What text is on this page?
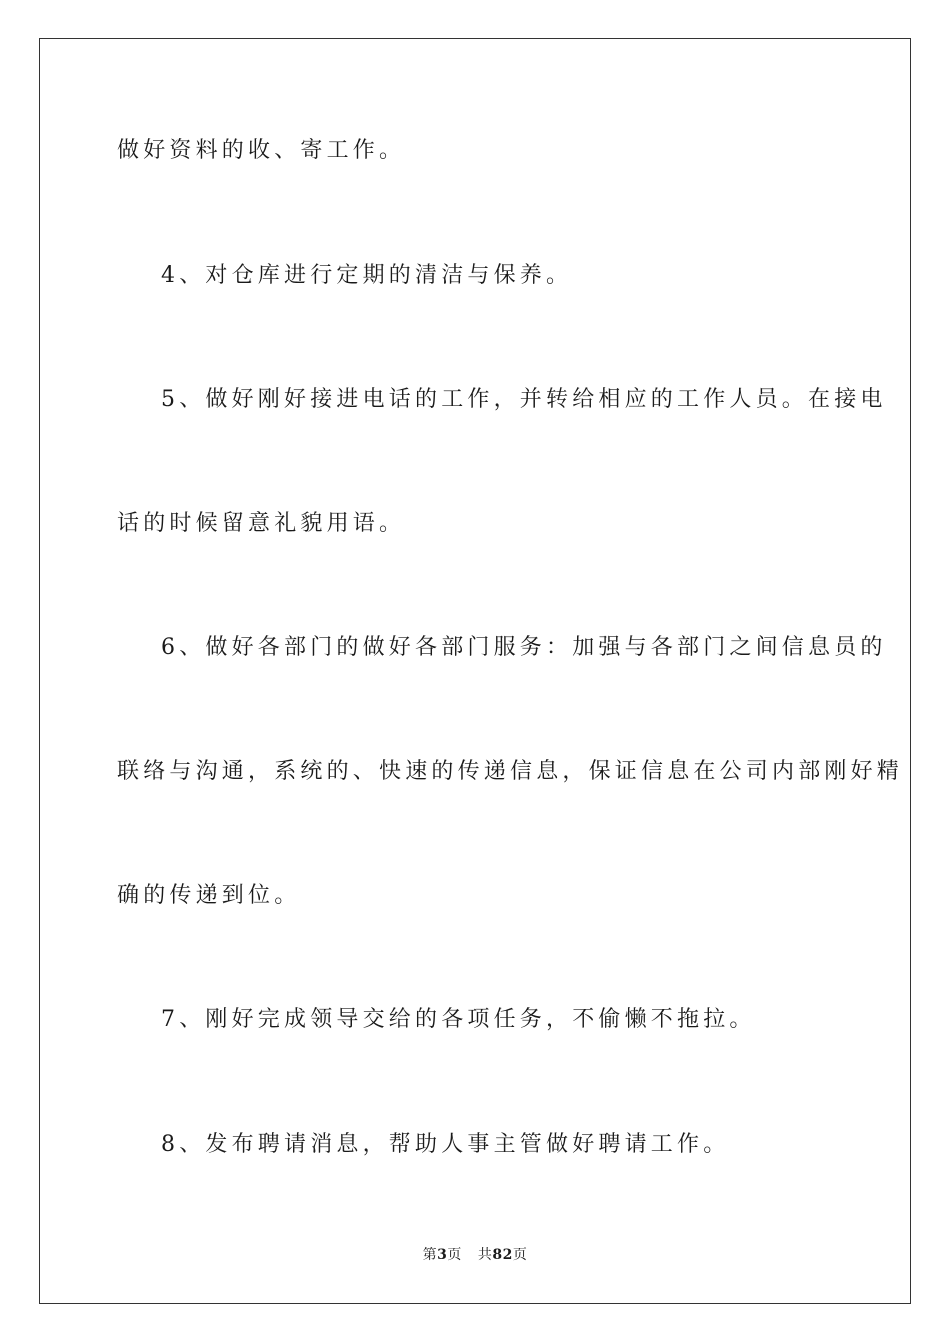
做好资料的收、寄工作。
4、对仓库进行定期的清洁与保养。
5、做好刚好接进电话的工作，并转给相应的工作人员。在接电
话的时候留意礼貌用语。
6、做好各部门的做好各部门服务：加强与各部门之间信息员的
联络与沟通，系统的、快速的传递信息，保证信息在公司内部刚好精
确的传递到位。
7、刚好完成领导交给的各项任务，不偷懒不拖拉。
8、发布聘请消息，帮助人事主管做好聘请工作。
第3页 共82页
